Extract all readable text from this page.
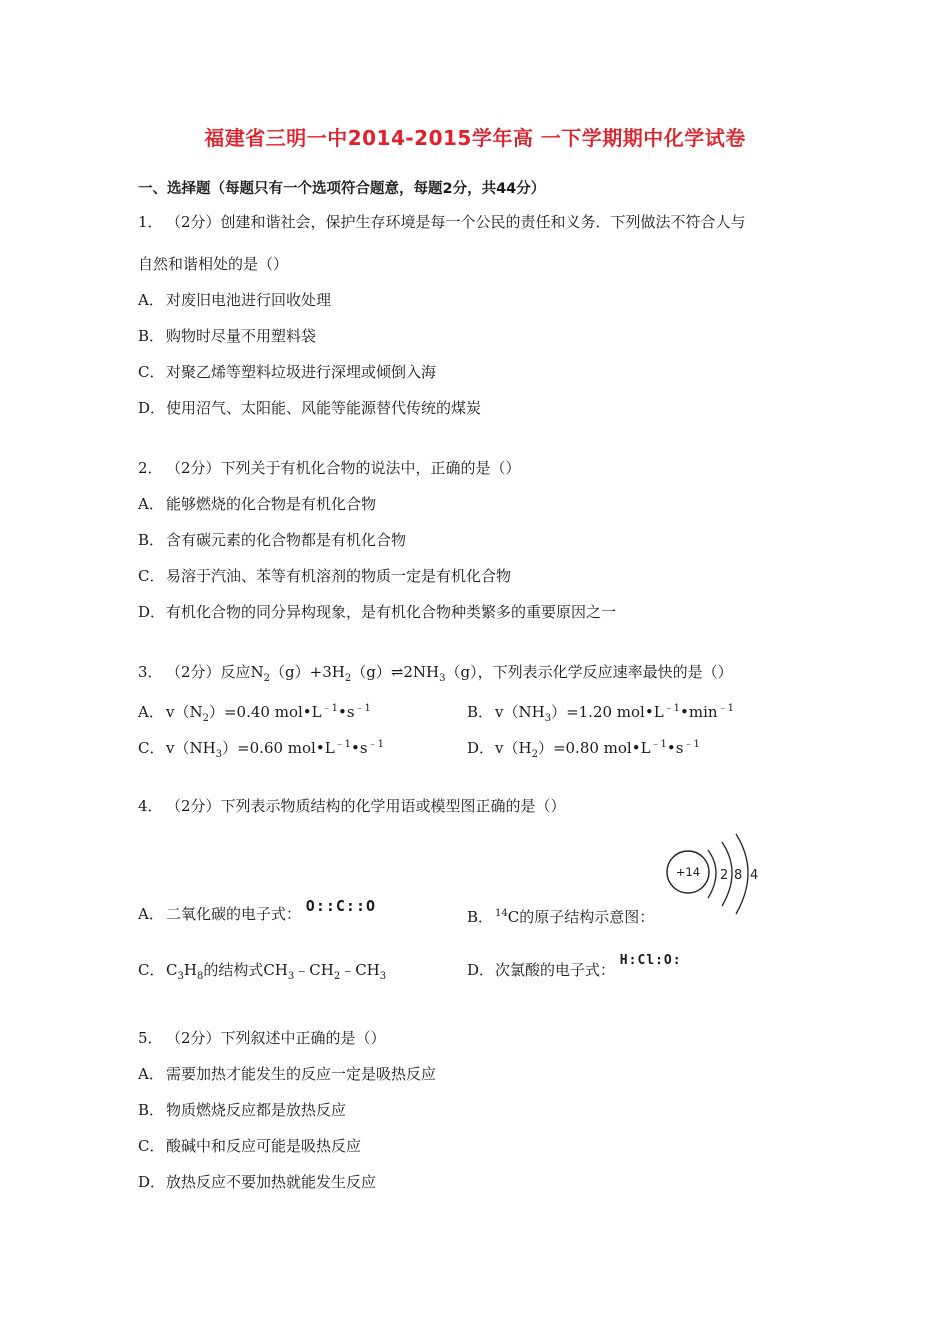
福建省三明一中2014-2015学年高 一下学期期中化学试卷
一、选择题（每题只有一个选项符合题意，每题2分，共44分）
1． （2分）创建和谐社会，保护生存环境是每一个公民的责任和义务．下列做法不符合人与
自然和谐相处的是（）
A． 对废旧电池进行回收处理
B． 购物时尽量不用塑料袋
C． 对聚乙烯等塑料垃圾进行深埋或倾倒入海
D．使用沼气、太阳能、风能等能源替代传统的煤炭
2． （2分）下列关于有机化合物的说法中，正确的是（）
A． 能够燃烧的化合物是有机化合物
B． 含有碳元素的化合物都是有机化合物
C． 易溶于汽油、苯等有机溶剂的物质一定是有机化合物
D．有机化合物的同分异构现象，是有机化合物种类繁多的重要原因之一
3． （2分）反应$N_2(g)+3H_2(g)\rightleftharpoons 2NH_3(g)$，下列表示化学反应速率最快的是（）
A． $v(N_2)=0.40$ $mol•L^{﹣1}•s^{﹣1}$	B． $v(NH_3)=1.20$ $mol•L^{﹣1}•\min^{﹣1}$
C． $v(NH_3)=0.60$ $mol•L^{﹣1}•s^{﹣1}$	D．$v(H_2)=0.80$ $mol•L^{﹣1}•s^{﹣1}$
4． （2分）下列表示物质结构的化学用语或模型图正确的是（）
+14 2 8 4
A． 二氧化碳的电子式： O::C::O
B． $^{14}$C的原子结构示意图：
C． $C_3H_8$的结构式$CH_3﹣CH_2﹣CH_3$	D．次氯酸的电子式： H:Cl:O:
5． （2分）下列叙述中正确的是（）
A． 需要加热才能发生的反应一定是吸热反应
B． 物质燃烧反应都是放热反应
C． 酸碱中和反应可能是吸热反应
D．放热反应不要加热就能发生反应
